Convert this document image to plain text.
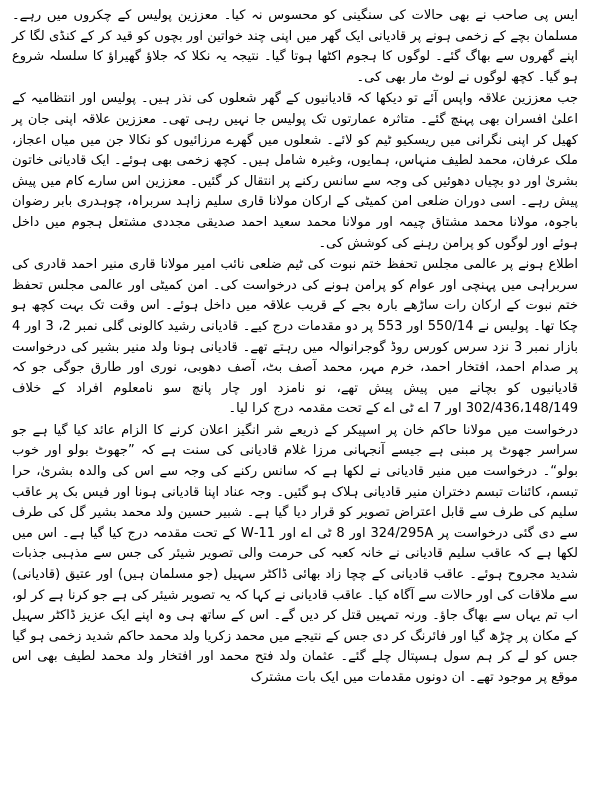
ایس پی صاحب نے بھی حالات کی سنگینی کو محسوس نہ کیا۔ معززین پولیس کے چکروں میں رہے۔ مسلمان بچے کے زخمی ہونے پر قادیانی ایک گھر میں اپنی چند خواتین اور بچوں کو قید کر کے کنڈی لگا کر اپنے گھروں سے بھاگ گئے۔ لوگوں کا ہجوم اکٹھا ہوتا گیا۔ نتیجہ یہ نکلا کہ جلاؤ گھیراؤ کا سلسلہ شروع ہو گیا۔ کچھ لوگوں نے لوٹ مار بھی کی۔

جب معززین علاقہ واپس آئے تو دیکھا کہ قادیانیوں کے گھر شعلوں کی نذر ہیں۔ پولیس اور انتظامیہ کے اعلیٰ افسران بھی پہنچ گئے۔ متاثرہ عمارتوں تک پولیس جا نہیں رہی تھی۔ معززین علاقہ اپنی جان پر کھیل کر اپنی نگرانی میں ریسکیو ٹیم کو لائے۔ شعلوں میں گھرے مرزائیوں کو نکالا جن میں میاں اعجاز، ملک عرفان، محمد لطیف منہاس، ہمایوں، وغیرہ شامل ہیں۔ کچھ زخمی بھی ہوئے۔ ایک قادیانی خاتون بشریٰ اور دو بچیاں دھوئیں کی وجہ سے سانس رکنے پر انتقال کر گئیں۔ معززین اس سارے کام میں پیش پیش رہے۔ اسی دوران ضلعی امن کمیٹی کے ارکان مولانا قاری سلیم زاہد سربراہ، چوہدری بابر رضوان باجوہ، مولانا محمد مشتاق چیمہ اور مولانا محمد سعید احمد صدیقی مجددی مشتعل ہجوم میں داخل ہوئے اور لوگوں کو پرامن رہنے کی کوشش کی۔

اطلاع ہونے پر عالمی مجلس تحفظ ختم نبوت کی ٹیم ضلعی نائب امیر مولانا قاری منیر احمد قادری کی سربراہی میں پہنچی اور عوام کو پرامن ہونے کی درخواست کی۔ امن کمیٹی اور عالمی مجلس تحفظ ختم نبوت کے ارکان رات ساڑھے بارہ بجے کے قریب علاقہ میں داخل ہوئے۔ اس وقت تک بہت کچھ ہو چکا تھا۔ پولیس نے 550/14 اور 553 پر دو مقدمات درج کیے۔ قادیانی رشید کالونی گلی نمبر 2، 3 اور 4 بازار نمبر 3 نزد سرس کورس روڈ گوجرانوالہ میں رہتے تھے۔ قادیانی ہونا ولد منیر بشیر کی درخواست پر صدام احمد، افتخار احمد، خرم مہر، محمد آصف بٹ، آصف دھوبی، نوری اور طارق جوگی جو کہ قادیانیوں کو بچانے میں پیش پیش تھے، نو نامزد اور چار پانچ سو نامعلوم افراد کے خلاف 302/436،148/149 اور 7 اے ٹی اے کے تحت مقدمہ درج کرا لیا۔

درخواست میں مولانا حاکم خان پر اسپیکر کے ذریعے شر انگیز اعلان کرنے کا الزام عائد کیا گیا ہے جو سراسر جھوٹ پر مبنی ہے جیسے آنجہانی مرزا غلام قادیانی کی سنت ہے کہ ”جھوٹ بولو اور خوب بولو“۔ درخواست میں منیر قادیانی نے لکھا ہے کہ سانس رکنے کی وجہ سے اس کی والدہ بشریٰ، حرا تبسم، کائنات تبسم دختران منیر قادیانی ہلاک ہو گئیں۔ وجہ عناد اپنا قادیانی ہونا اور فیس بک پر عاقب سلیم کی طرف سے قابل اعتراض تصویر کو قرار دیا گیا ہے۔ شبیر حسین ولد محمد بشیر گل کی طرف سے دی گئی درخواست پر 324/295A اور 8 ٹی اے اور 11-W کے تحت مقدمہ درج کیا گیا ہے۔ اس میں لکھا ہے کہ عاقب سلیم قادیانی نے خانہ کعبہ کی حرمت والی تصویر شیئر کی جس سے مذہبی جذبات شدید مجروح ہوئے۔ عاقب قادیانی کے چچا زاد بھائی ڈاکٹر سہیل (جو مسلمان ہیں) اور عتیق (قادیانی) سے ملاقات کی اور حالات سے آگاہ کیا۔ عاقب قادیانی نے کہا کہ یہ تصویر شیئر کی ہے جو کرنا ہے کر لو، اب تم یہاں سے بھاگ جاؤ۔ ورنہ تمہیں قتل کر دیں گے۔ اس کے ساتھ ہی وہ اپنے ایک عزیز ڈاکٹر سہیل کے مکان پر چڑھ گیا اور فائرنگ کر دی جس کے نتیجے میں محمد زکریا ولد محمد حاکم شدید زخمی ہو گیا جس کو لے کر ہم سول ہسپتال چلے گئے۔ عثمان ولد فتح محمد اور افتخار ولد محمد لطیف بھی اس موقع پر موجود تھے۔ ان دونوں مقدمات میں ایک بات مشترک
